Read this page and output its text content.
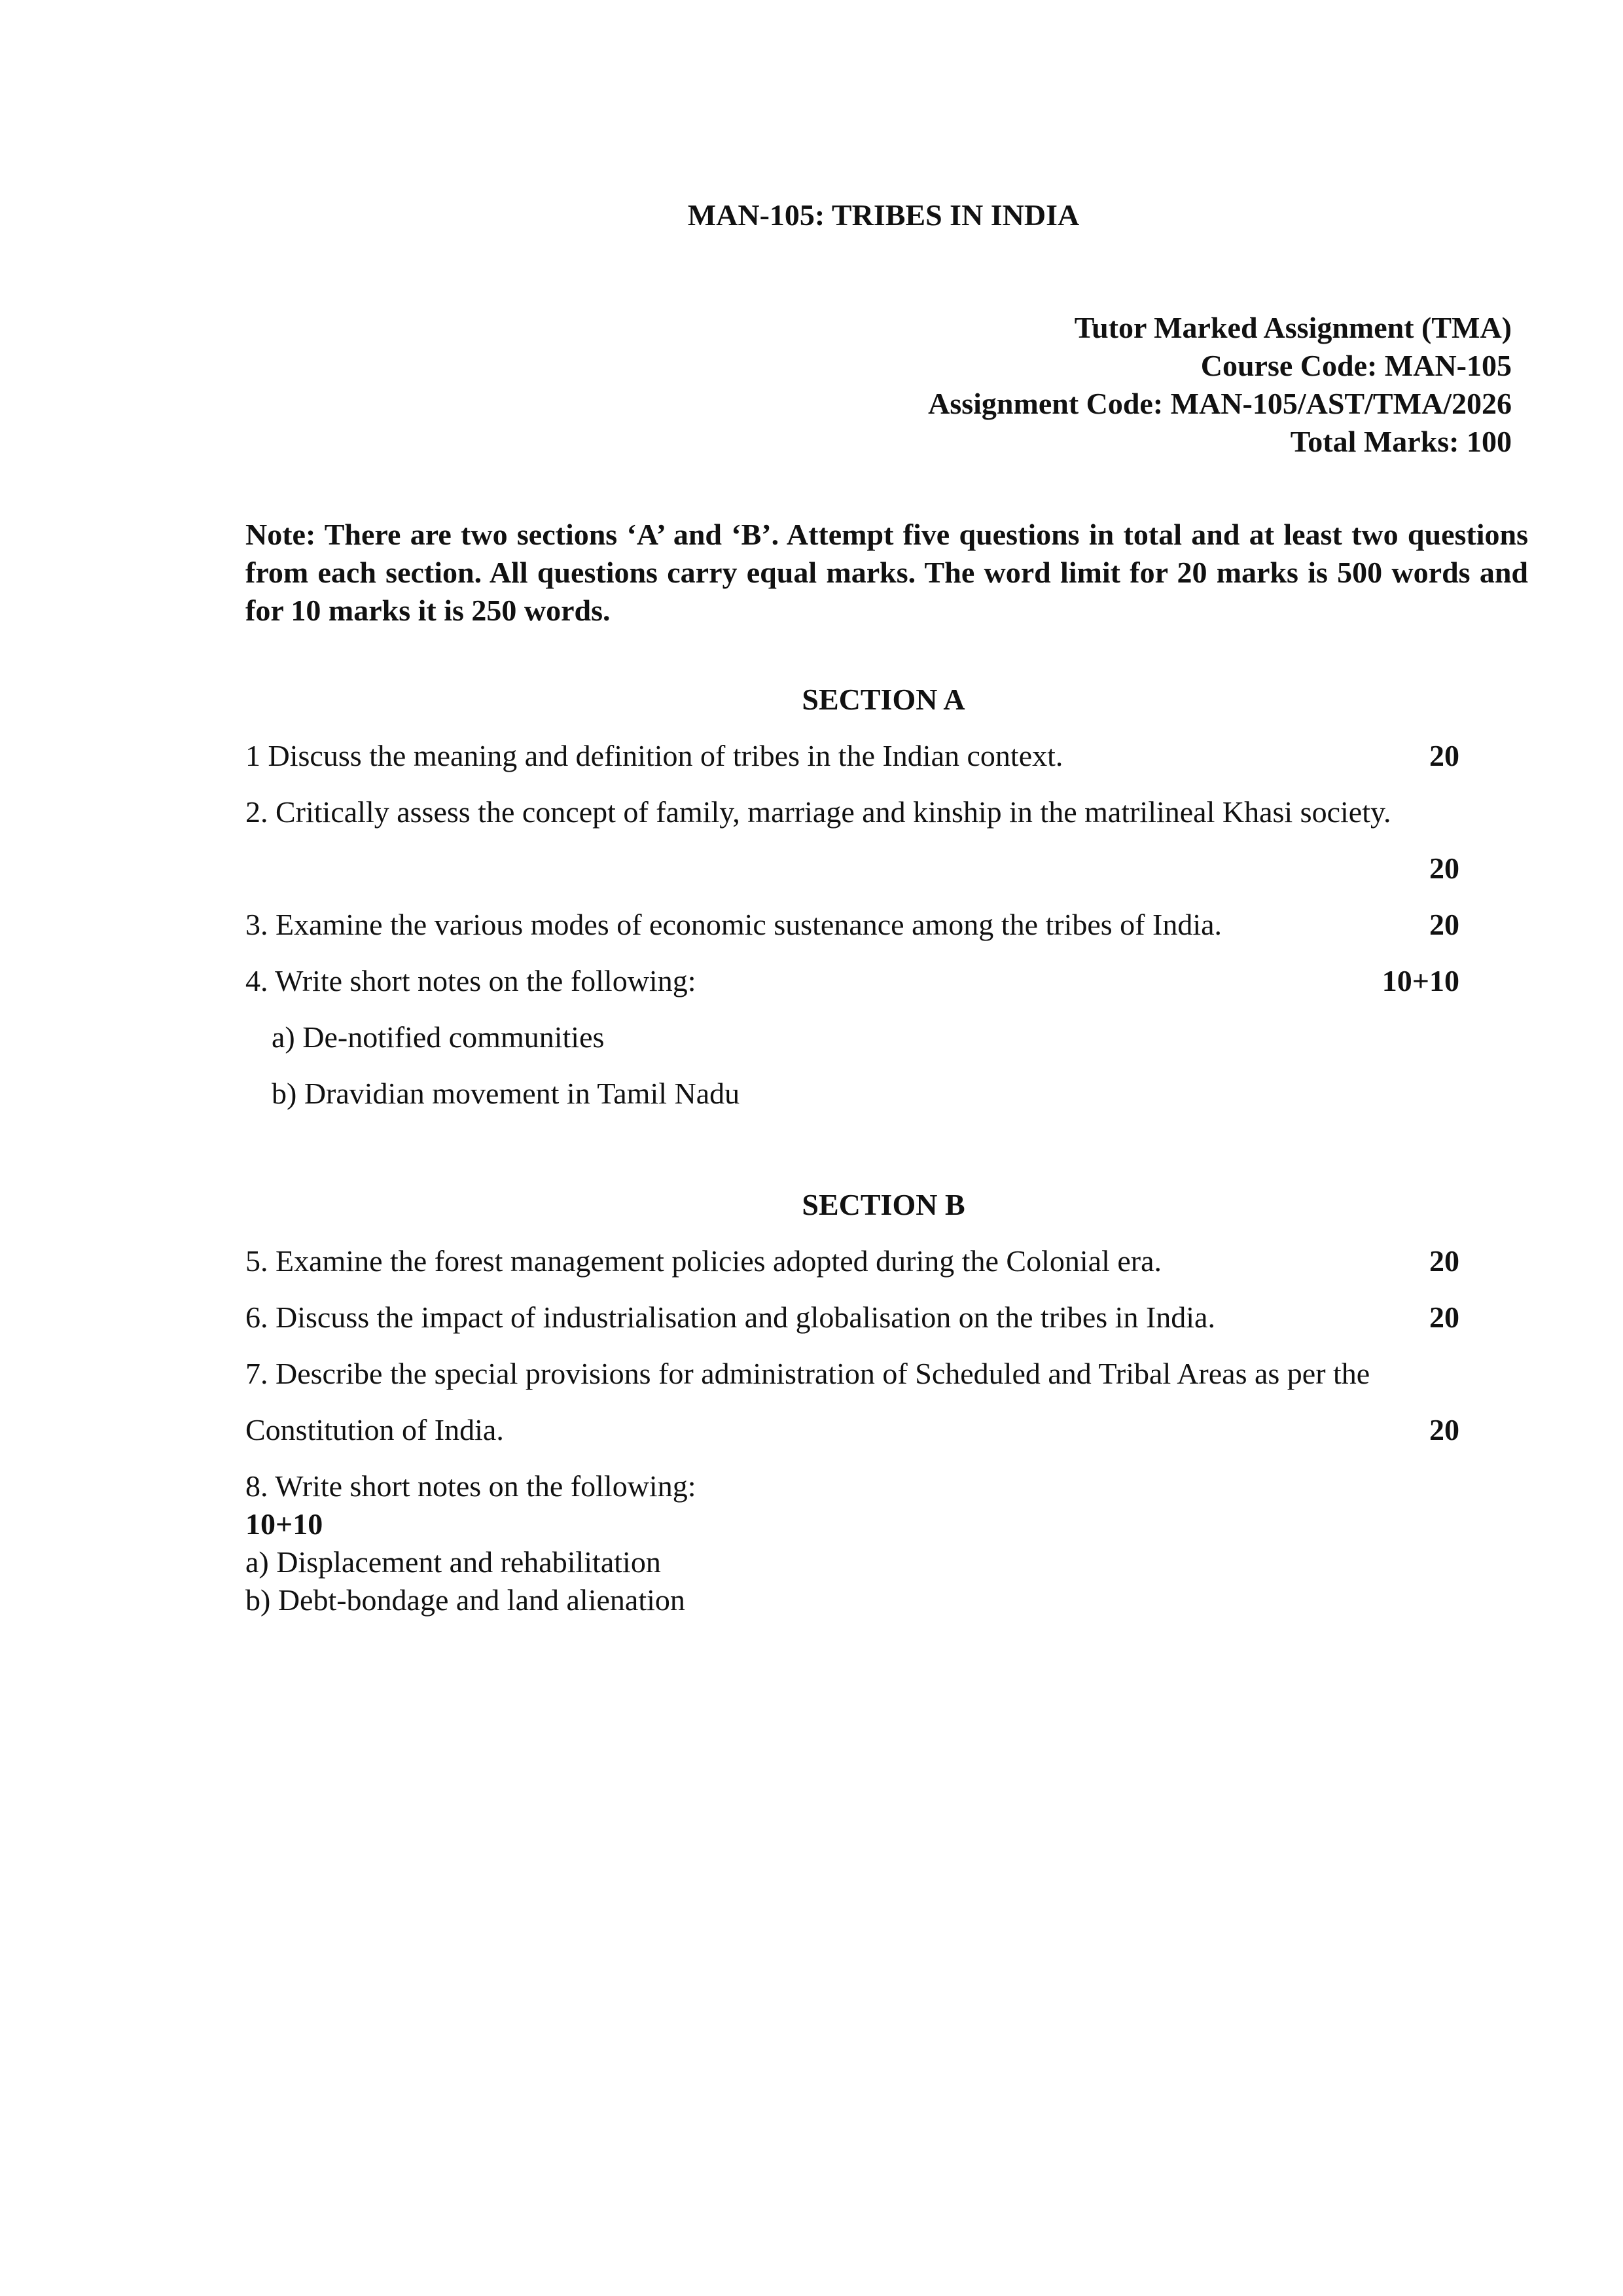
MAN-105: TRIBES IN INDIA
Tutor Marked Assignment (TMA)
Course Code: MAN-105
Assignment Code: MAN-105/AST/TMA/2026
Total Marks: 100
Note: There are two sections ‘A’ and ‘B’. Attempt five questions in total and at least two questions from each section. All questions carry equal marks. The word limit for 20 marks is 500 words and for 10 marks it is 250 words.
SECTION A
1 Discuss the meaning and definition of tribes in the Indian context.	20
2. Critically assess the concept of family, marriage and kinship in the matrilineal Khasi society.
20
3. Examine the various modes of economic sustenance among the tribes of India.	20
4. Write short notes on the following:	10+10
a) De-notified communities
b) Dravidian movement in Tamil Nadu
SECTION B
5. Examine the forest management policies adopted during the Colonial era.	20
6. Discuss the impact of industrialisation and globalisation on the tribes in India.	20
7. Describe the special provisions for administration of Scheduled and Tribal Areas as per the
Constitution of India.	20
8. Write short notes on the following:
10+10
a) Displacement and rehabilitation
b) Debt-bondage and land alienation
